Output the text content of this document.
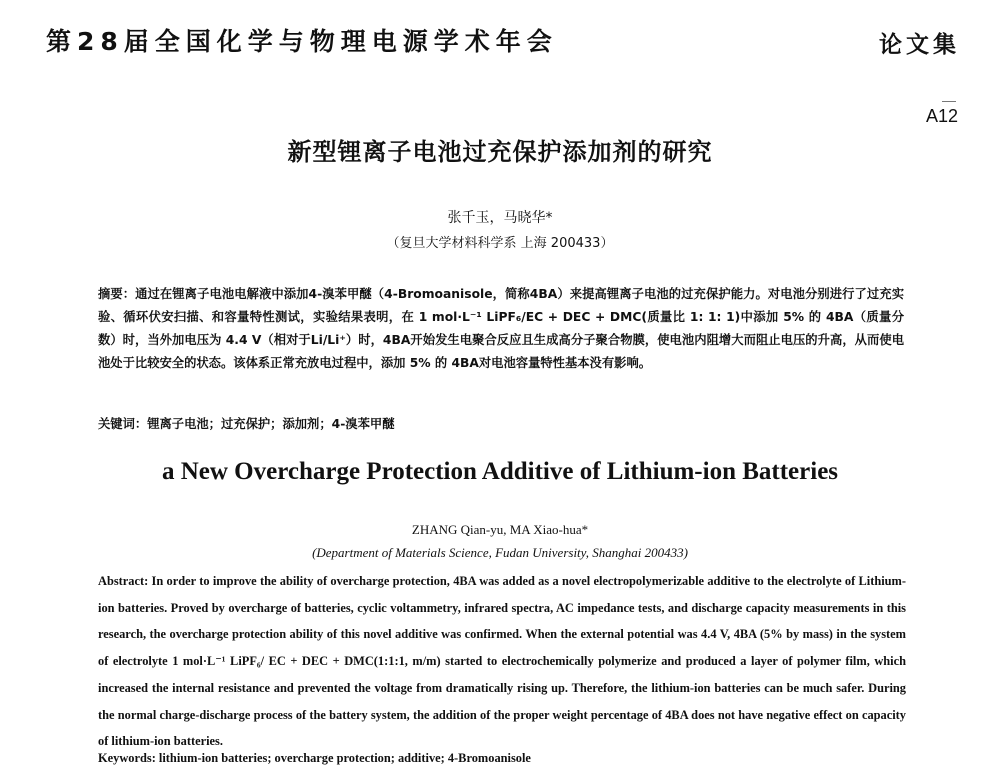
第28届全国化学与物理电源学术年会	论文集
A12
新型锂离子电池过充保护添加剂的研究
张千玉，马晓华*
（复旦大学材料科学系 上海 200433）
摘要：通过在锂离子电池电解液中添加4-溴苯甲醚（4-Bromoanisole，简称4BA）来提高锂离子电池的过充保护能力。对电池分别进行了过充实验、循环伏安扫描、和容量特性测试，实验结果表明，在 1 mol·L⁻¹ LiPF₆/EC + DEC + DMC(质量比 1: 1: 1)中添加 5% 的 4BA（质量分数）时，当外加电压为 4.4 V（相对于Li/Li⁺）时，4BA开始发生电聚合反应且生成高分子聚合物膜，使电池内阻增大而阻止电压的升高，从而使电池处于比较安全的状态。该体系正常充放电过程中，添加 5% 的 4BA对电池容量特性基本没有影响。
关键词：锂离子电池；过充保护；添加剂；4-溴苯甲醚
a New Overcharge Protection Additive of Lithium-ion Batteries
ZHANG Qian-yu, MA Xiao-hua*
(Department of Materials Science, Fudan University, Shanghai 200433)
Abstract: In order to improve the ability of overcharge protection, 4BA was added as a novel electropolymerizable additive to the electrolyte of Lithium-ion batteries. Proved by overcharge of batteries, cyclic voltammetry, infrared spectra, AC impedance tests, and discharge capacity measurements in this research, the overcharge protection ability of this novel additive was confirmed. When the external potential was 4.4 V, 4BA (5% by mass) in the system of electrolyte 1 mol·L⁻¹ LiPF₆/ EC + DEC + DMC(1:1:1, m/m) started to electrochemically polymerize and produced a layer of polymer film, which increased the internal resistance and prevented the voltage from dramatically rising up. Therefore, the lithium-ion batteries can be much safer. During the normal charge-discharge process of the battery system, the addition of the proper weight percentage of 4BA does not have negative effect on capacity of lithium-ion batteries.
Keywords: lithium-ion batteries; overcharge protection; additive; 4-Bromoanisole
